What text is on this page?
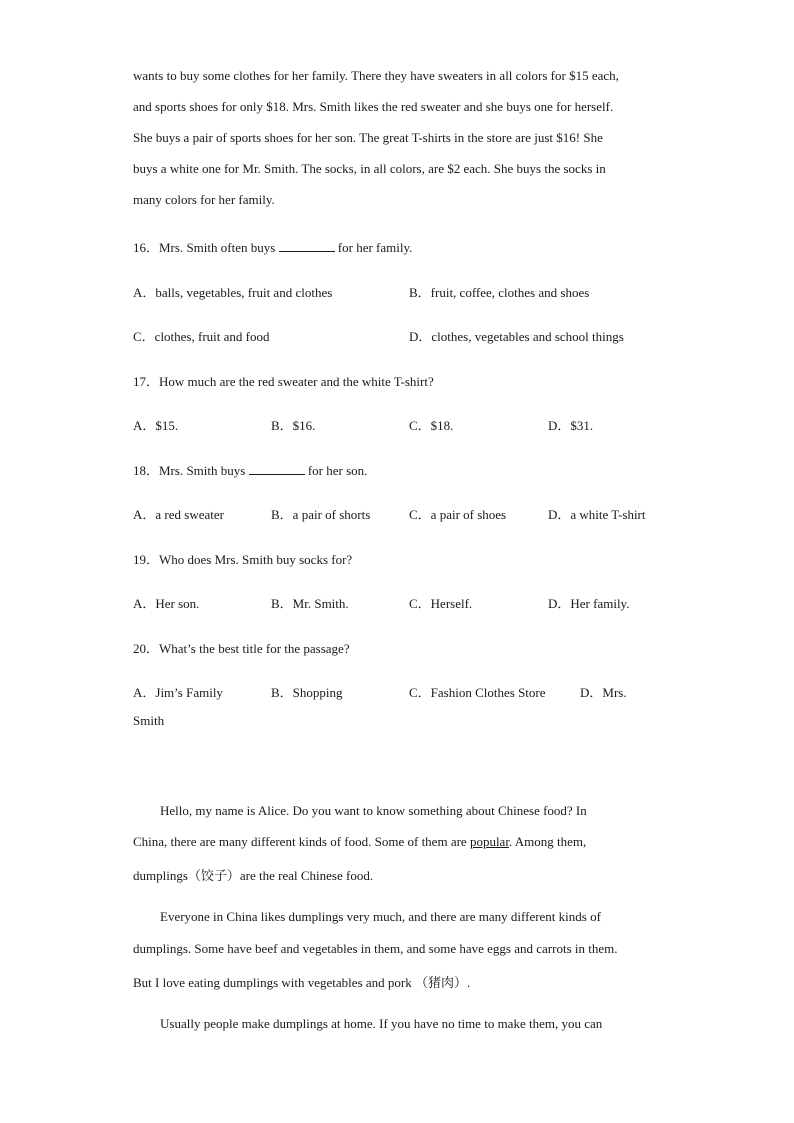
wants to buy some clothes for her family. There they have sweaters in all colors for $15 each,
and sports shoes for only $18. Mrs. Smith likes the red sweater and she buys one for herself.
She buys a pair of sports shoes for her son. The great T-shirts in the store are just $16! She
buys a white one for Mr. Smith. The socks, in all colors, are $2 each. She buys the socks in
many colors for her family.
16．Mrs. Smith often buys	for her family.
A．balls, vegetables, fruit and clothes	B．fruit, coffee, clothes and shoes
C．clothes, fruit and food	D．clothes, vegetables and school things
17．How much are the red sweater and the white T-shirt?
A．$15.	B．$16.	C．$18.	D．$31.
18．Mrs. Smith buys	for her son.
A．a red sweater	B．a pair of shorts	C．a pair of shoes	D．a white T-shirt
19．Who does Mrs. Smith buy socks for?
A．Her son.	B．Mr. Smith.	C．Herself.	D．Her family.
20．What’s the best title for the passage?
A．Jim’s Family	B．Shopping	C．Fashion Clothes Store	D．Mrs.
Smith
Hello, my name is Alice. Do you want to know something about Chinese food? In
China, there are many different kinds of food. Some of them are popular. Among them,
dumplings（饺子）are the real Chinese food.
Everyone in China likes dumplings very much, and there are many different kinds of
dumplings. Some have beef and vegetables in them, and some have eggs and carrots in them.
But I love eating dumplings with vegetables and pork （猪肉）.
Usually people make dumplings at home. If you have no time to make them, you can
